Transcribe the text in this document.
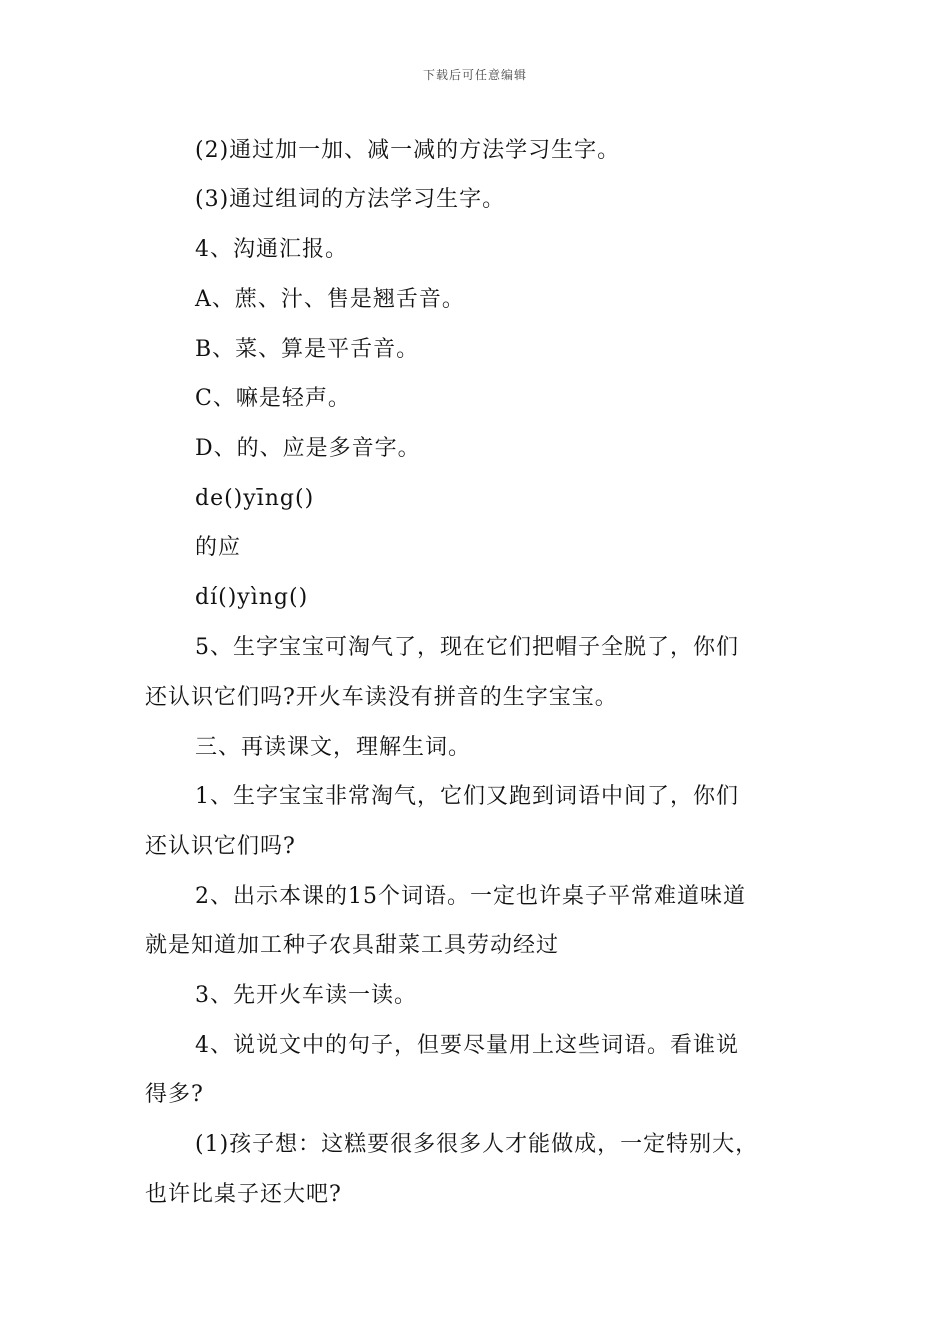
下载后可任意编辑
(2)通过加一加、减一减的方法学习生字。
(3)通过组词的方法学习生字。
4、沟通汇报。
A、蔗、汁、售是翘舌音。
B、菜、算是平舌音。
C、嘛是轻声。
D、的、应是多音字。
de()yīng()
的应
dí()yìng()
5、生字宝宝可淘气了，现在它们把帽子全脱了，你们
还认识它们吗?开火车读没有拼音的生字宝宝。
三、再读课文，理解生词。
1、生字宝宝非常淘气，它们又跑到词语中间了，你们
还认识它们吗?
2、出示本课的15个词语。一定也许桌子平常难道味道
就是知道加工种子农具甜菜工具劳动经过
3、先开火车读一读。
4、说说文中的句子，但要尽量用上这些词语。看谁说
得多?
(1)孩子想：这糕要很多很多人才能做成，一定特别大，
也许比桌子还大吧?
